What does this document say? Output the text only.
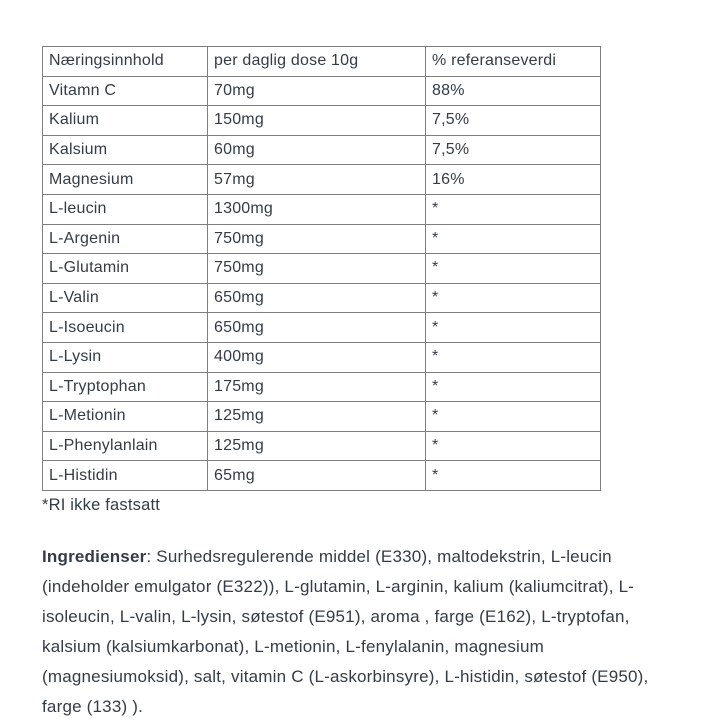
Næringsinnhold	per daglig dose 10g	% referanseverdi
Vitamn C	70mg	88%
Kalium	150mg	7,5%
Kalsium	60mg	7,5%
Magnesium	57mg	16%
L-leucin	1300mg	*
L-Argenin	750mg	*
L-Glutamin	750mg	*
L-Valin	650mg	*
L-Isoeucin	650mg	*
L-Lysin	400mg	*
L-Tryptophan	175mg	*
L-Metionin	125mg	*
L-Phenylanlain	125mg	*
L-Histidin	65mg	*

*RI ikke fastsatt

Ingredienser: Surhedsregulerende middel (E330), maltodekstrin, L-leucin (indeholder emulgator (E322)), L-glutamin, L-arginin, kalium (kaliumcitrat), L-isoleucin, L-valin, L-lysin, søtestof (E951), aroma , farge (E162), L-tryptofan, kalsium (kalsiumkarbonat), L-metionin, L-fenylalanin, magnesium (magnesiumoksid), salt, vitamin C (L-askorbinsyre), L-histidin, søtestof (E950), farge (133) ).
